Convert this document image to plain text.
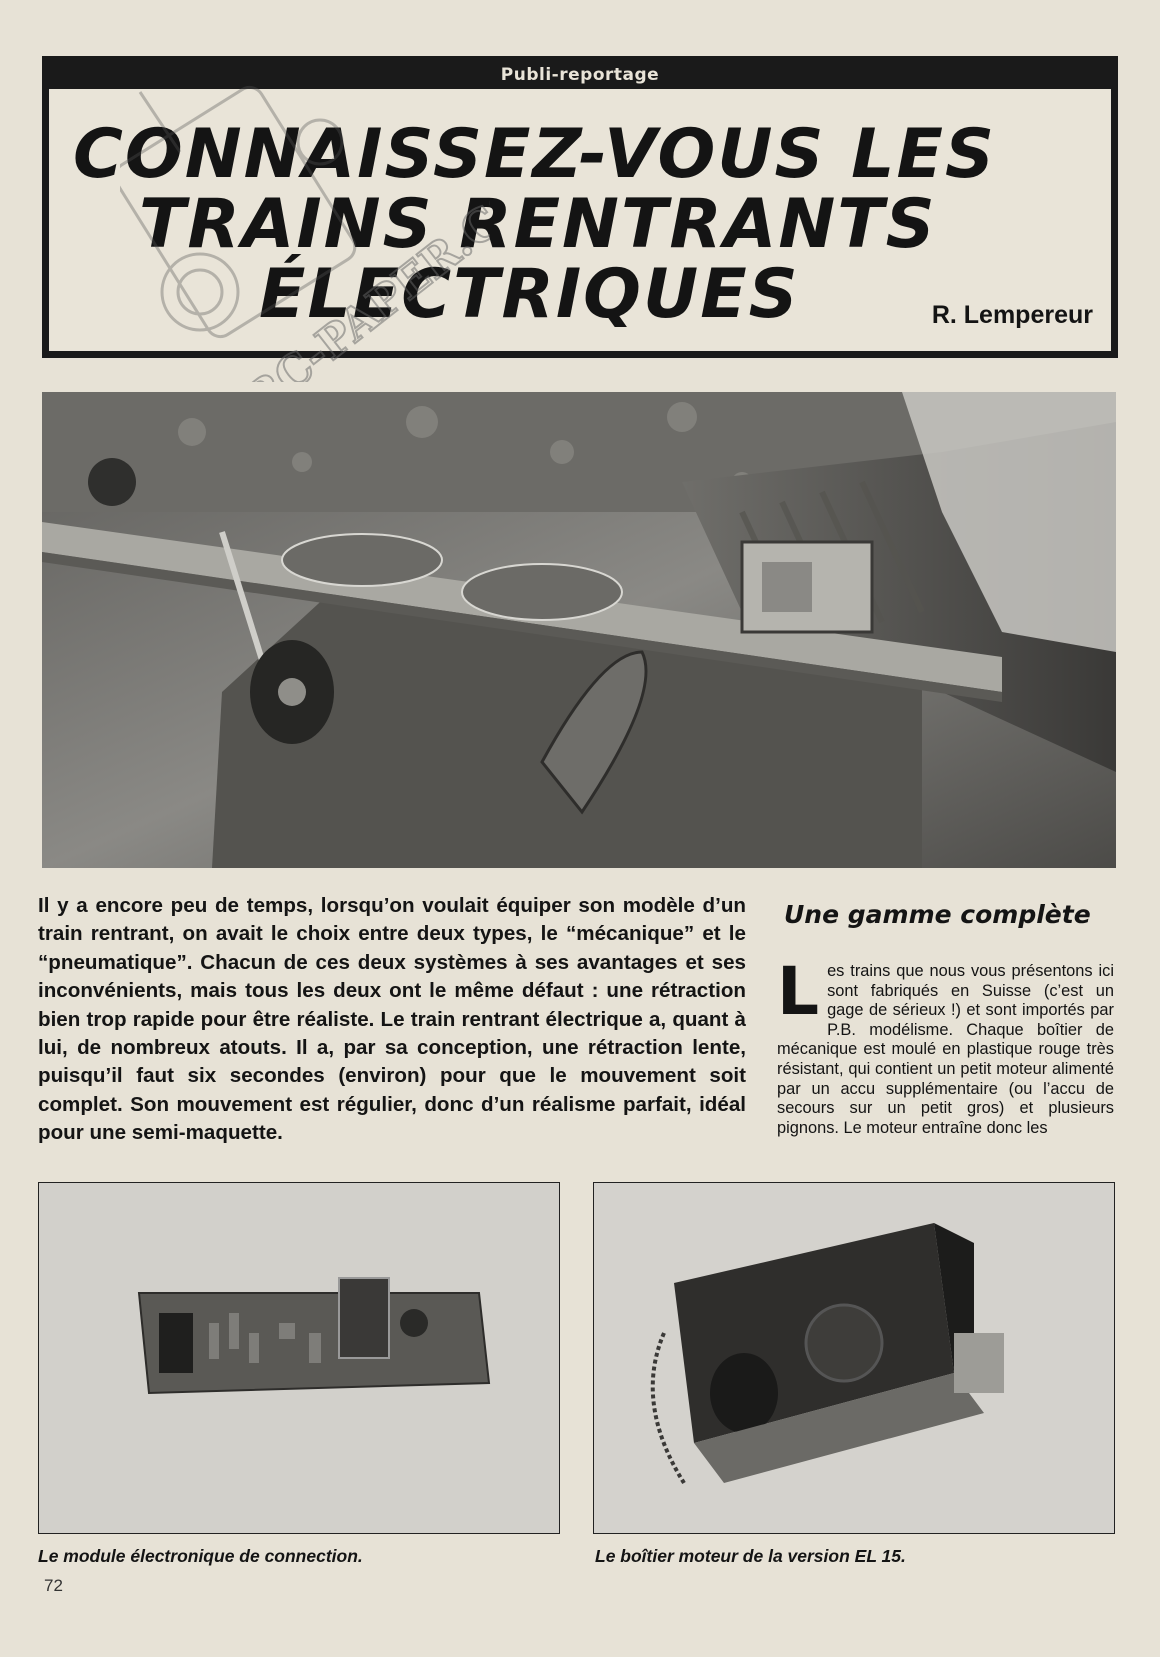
Publi-reportage
CONNAISSEZ-VOUS LES
TRAINS RENTRANTS
ÉLECTRIQUES	R. Lempereur
Il y a encore peu de temps, lorsqu’on voulait équiper son modèle d’un train rentrant, on avait le choix entre deux types, le “mécanique” et le “pneumatique”. Chacun de ces deux systèmes à ses avantages et ses inconvénients, mais tous les deux ont le même défaut : une rétraction bien trop rapide pour être réaliste. Le train rentrant électrique a, quant à lui, de nombreux atouts. Il a, par sa conception, une rétraction lente, puisqu’il faut six secondes (environ) pour que le mouvement soit complet. Son mouvement est régulier, donc d’un réalisme parfait, idéal pour une semi-maquette.
Une gamme complète
Les trains que nous vous présentons ici sont fabriqués en Suisse (c’est un gage de sérieux !) et sont importés par P.B. modélisme. Chaque boîtier de mécanique est moulé en plastique rouge très résistant, qui contient un petit moteur alimenté par un accu supplémentaire (ou l’accu de secours sur un petit gros) et plusieurs pignons. Le moteur entraîne donc les
Le module électronique de connection.	Le boîtier moteur de la version EL 15.
72
